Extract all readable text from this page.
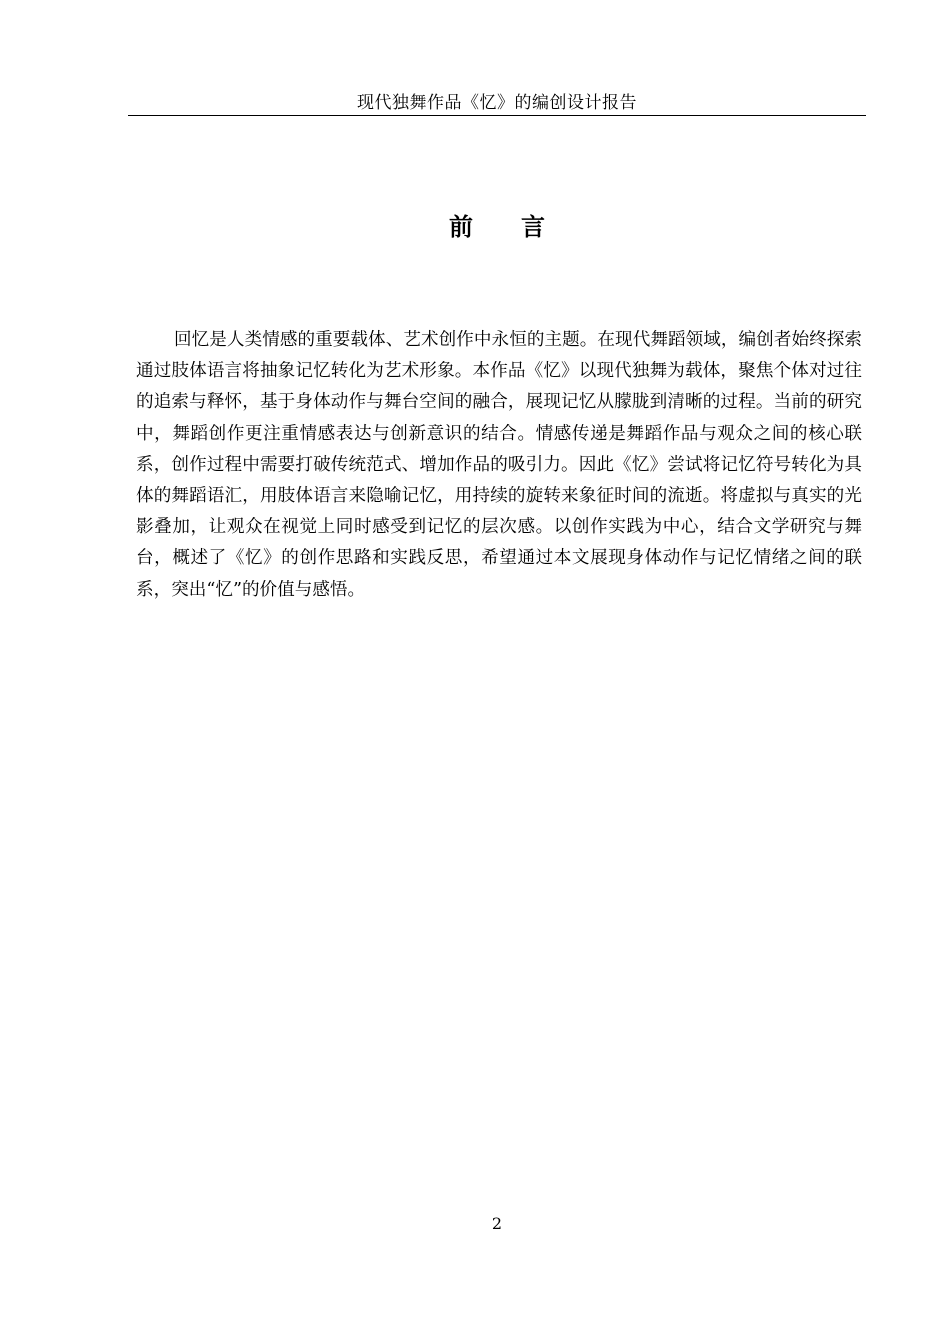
现代独舞作品《忆》的编创设计报告
前言

回忆是人类情感的重要载体、艺术创作中永恒的主题。在现代舞蹈领域，编创者始终探索通过肢体语言将抽象记忆转化为艺术形象。本作品《忆》以现代独舞为载体，聚焦个体对过往的追索与释怀，基于身体动作与舞台空间的融合，展现记忆从朦胧到清晰的过程。当前的研究中，舞蹈创作更注重情感表达与创新意识的结合。情感传递是舞蹈作品与观众之间的核心联系，创作过程中需要打破传统范式、增加作品的吸引力。因此《忆》尝试将记忆符号转化为具体的舞蹈语汇，用肢体语言来隐喻记忆，用持续的旋转来象征时间的流逝。将虚拟与真实的光影叠加，让观众在视觉上同时感受到记忆的层次感。以创作实践为中心，结合文学研究与舞台，概述了《忆》的创作思路和实践反思，希望通过本文展现身体动作与记忆情绪之间的联系，突出“忆”的价值与感悟。

2
